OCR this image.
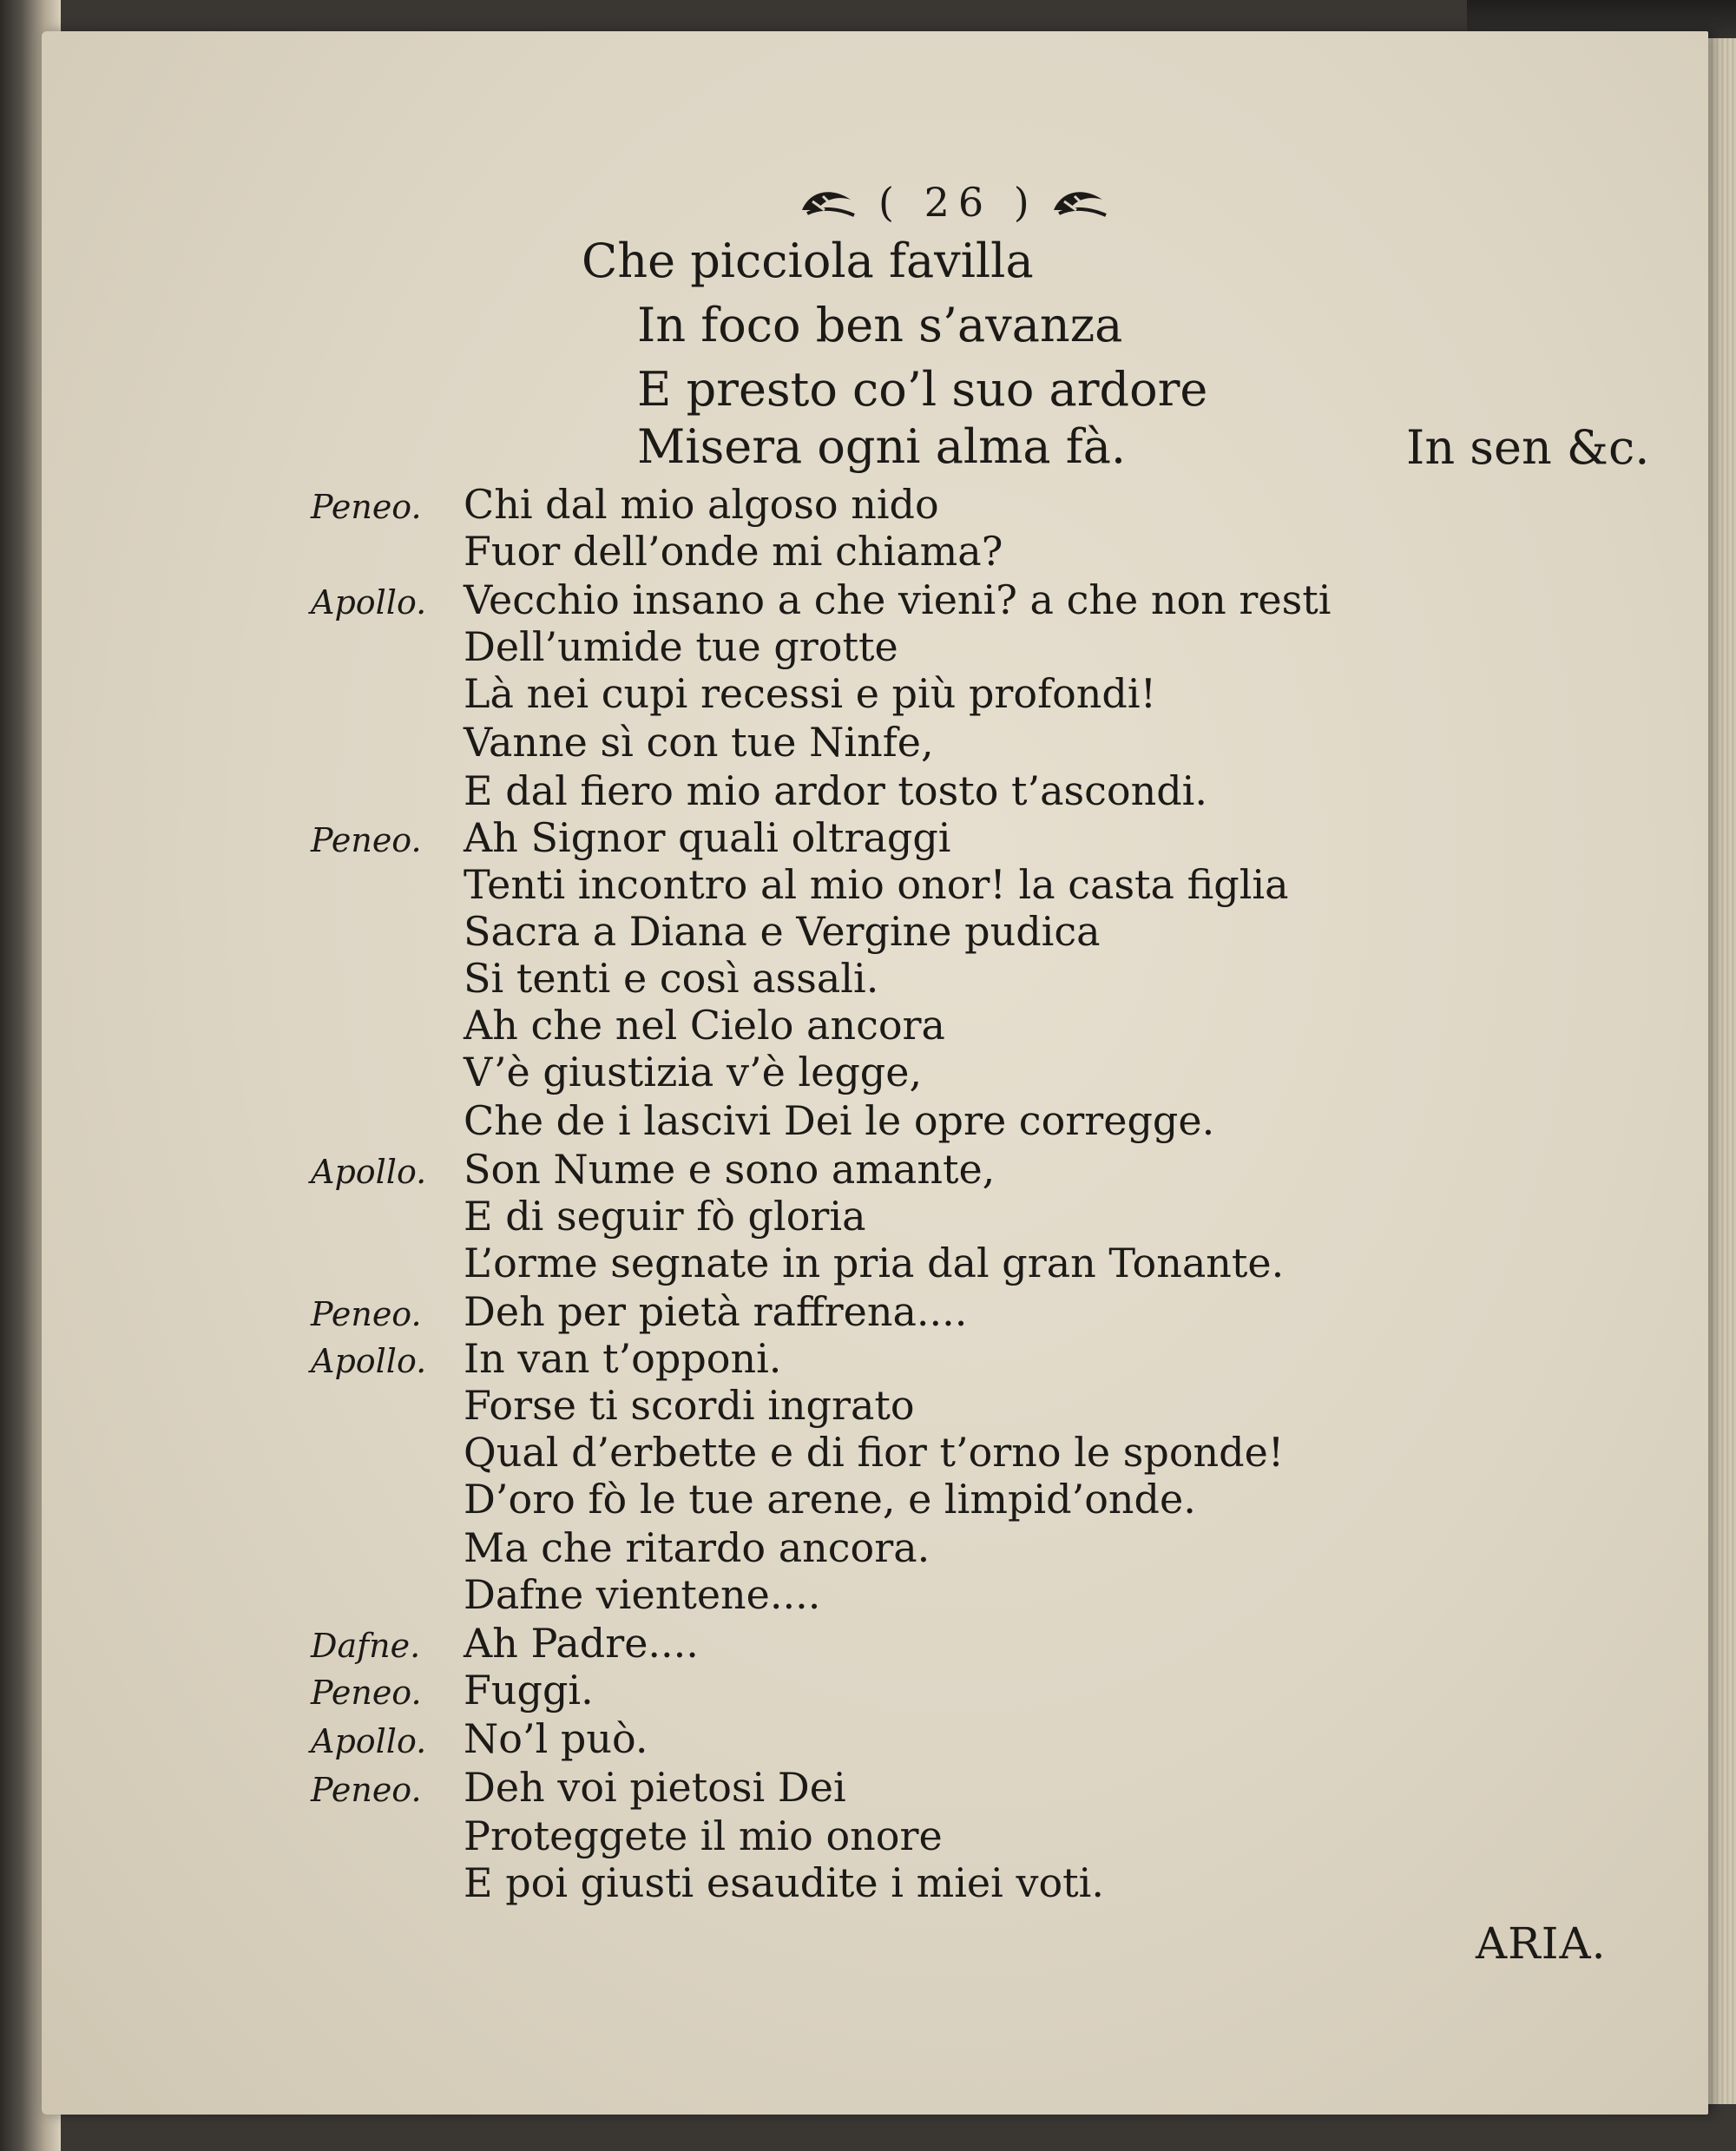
( 26 )
Che picciola favilla
In foco ben s’avanza
E presto co’l suo ardore
Misera ogni alma fà.	In sen &c.
Peneo. Chi dal mio algoso nido
Fuor dell’onde mi chiama?
Apollo. Vecchio insano a che vieni? a che non resti
Dell’umide tue grotte
Là nei cupi recessi e più profondi!
Vanne sì con tue Ninfe,
E dal fiero mio ardor tosto t’ascondi.
Peneo. Ah Signor quali oltraggi
Tenti incontro al mio onor! la casta figlia
Sacra a Diana e Vergine pudica
Si tenti e così assali.
Ah che nel Cielo ancora
V’è giustizia v’è legge,
Che de i lascivi Dei le opre corregge.
Apollo. Son Nume e sono amante,
E di seguir fò gloria
L’orme segnate in pria dal gran Tonante.
Peneo. Deh per pietà raffrena....
Apollo. In van t’opponi.
Forse ti scordi ingrato
Qual d’erbette e di fior t’orno le sponde!
D’oro fò le tue arene, e limpid’onde.
Ma che ritardo ancora.
Dafne vientene....
Dafne. Ah Padre....
Peneo. Fuggi.
Apollo. No’l può.
Peneo. Deh voi pietosi Dei
Proteggete il mio onore
E poi giusti esaudite i miei voti.
ARIA.
